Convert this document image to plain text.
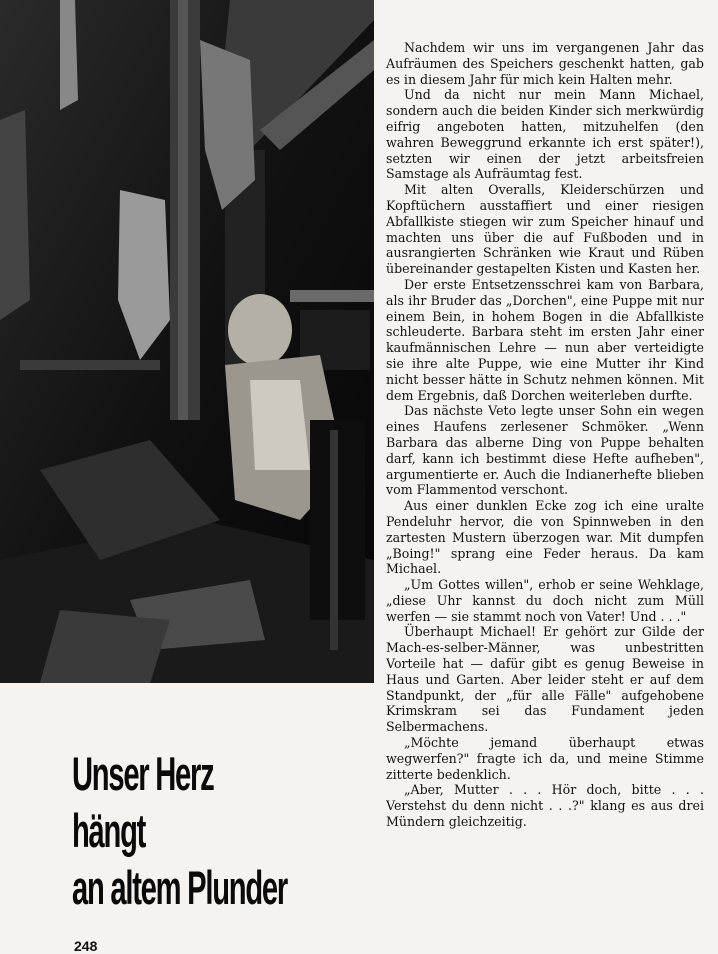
Unser Herz
hängt
an altem Plunder

Nachdem wir uns im vergangenen Jahr das Aufräumen des Speichers geschenkt hatten, gab es in diesem Jahr für mich kein Halten mehr.

Und da nicht nur mein Mann Michael, sondern auch die beiden Kinder sich merkwürdig eifrig angeboten hatten, mitzuhelfen (den wahren Beweggrund erkannte ich erst später!), setzten wir einen der jetzt arbeitsfreien Samstage als Aufräumtag fest.

Mit alten Overalls, Kleiderschürzen und Kopftüchern ausstaffiert und einer riesigen Abfallkiste stiegen wir zum Speicher hinauf und machten uns über die auf Fußboden und in ausrangierten Schränken wie Kraut und Rüben übereinander gestapelten Kisten und Kasten her.

Der erste Entsetzensschrei kam von Barbara, als ihr Bruder das „Dorchen", eine Puppe mit nur einem Bein, in hohem Bogen in die Abfallkiste schleuderte. Barbara steht im ersten Jahr einer kaufmännischen Lehre — nun aber verteidigte sie ihre alte Puppe, wie eine Mutter ihr Kind nicht besser hätte in Schutz nehmen können. Mit dem Ergebnis, daß Dorchen weiterleben durfte.

Das nächste Veto legte unser Sohn ein wegen eines Haufens zerlesener Schmöker. „Wenn Barbara das alberne Ding von Puppe behalten darf, kann ich bestimmt diese Hefte aufheben", argumentierte er. Auch die Indianerhefte blieben vom Flammentod verschont.

Aus einer dunklen Ecke zog ich eine uralte Pendeluhr hervor, die von Spinnweben in den zartesten Mustern überzogen war. Mit dumpfen „Boing!" sprang eine Feder heraus. Da kam Michael.

„Um Gottes willen", erhob er seine Wehklage, „diese Uhr kannst du doch nicht zum Müll werfen — sie stammt noch von Vater! Und . . ."

Überhaupt Michael! Er gehört zur Gilde der Mach-es-selber-Männer, was unbestritten Vorteile hat — dafür gibt es genug Beweise in Haus und Garten. Aber leider steht er auf dem Standpunkt, der „für alle Fälle" aufgehobene Krimskram sei das Fundament jeden Selbermachens.

„Möchte jemand überhaupt etwas wegwerfen?" fragte ich da, und meine Stimme zitterte bedenklich.

„Aber, Mutter . . . Hör doch, bitte . . . Verstehst du denn nicht . . .?" klang es aus drei Mündern gleichzeitig.

248
